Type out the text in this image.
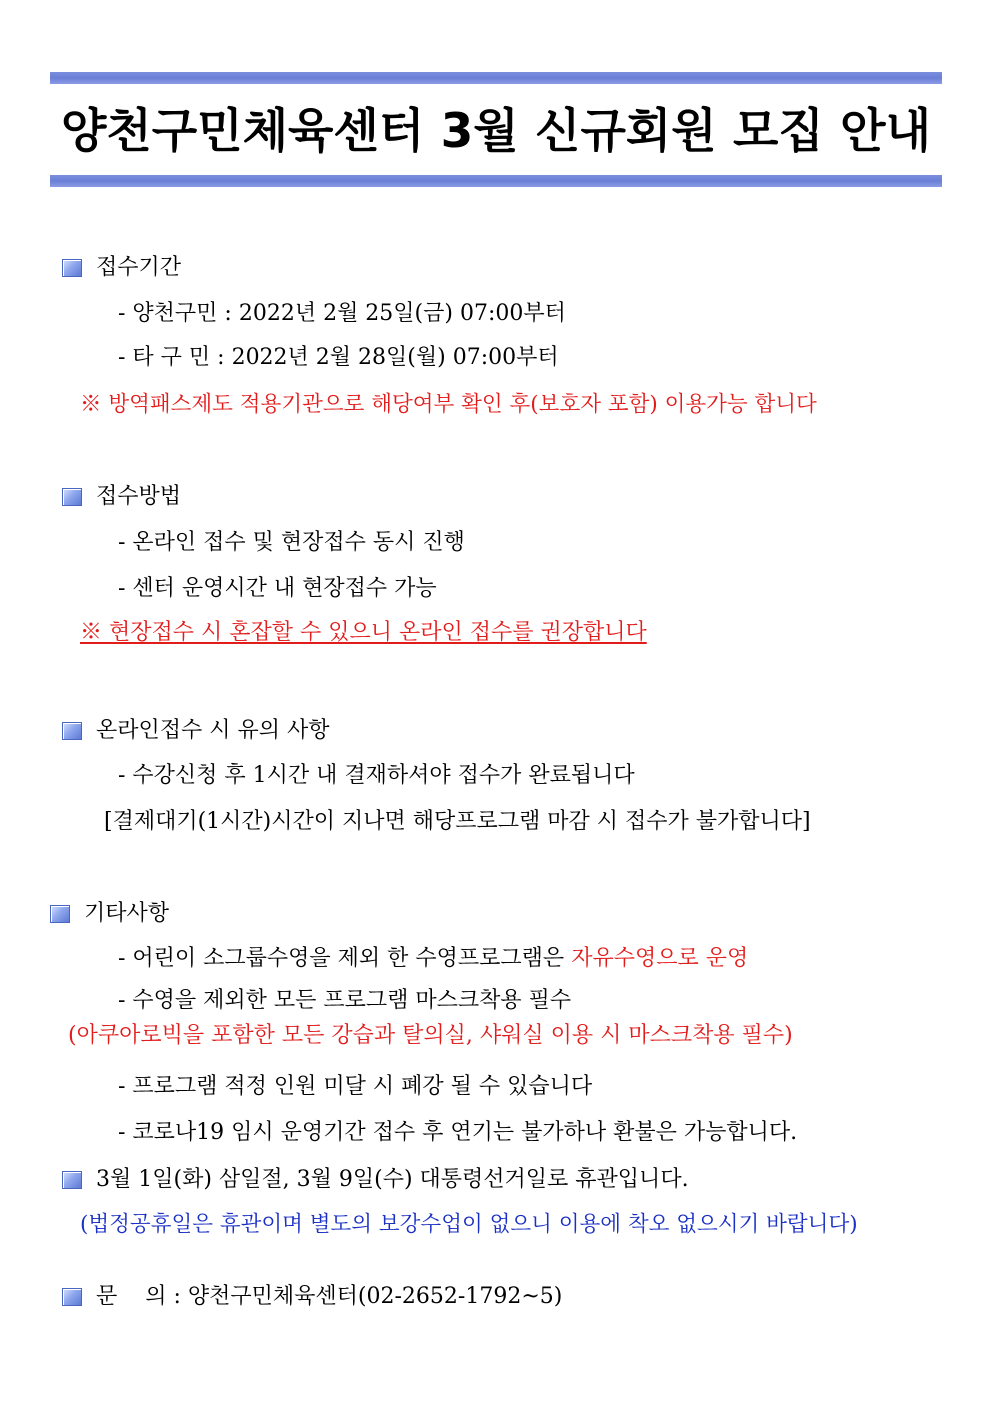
양천구민체육센터 3월 신규회원 모집 안내
접수기간
- 양천구민 : 2022년 2월 25일(금) 07:00부터
- 타 구 민 : 2022년 2월 28일(월) 07:00부터
※ 방역패스제도 적용기관으로 해당여부 확인 후(보호자 포함) 이용가능 합니다
접수방법
- 온라인 접수 및 현장접수 동시 진행
- 센터 운영시간 내 현장접수 가능
※ 현장접수 시 혼잡할 수 있으니 온라인 접수를 권장합니다
온라인접수 시 유의 사항
- 수강신청 후 1시간 내 결재하셔야 접수가 완료됩니다
[결제대기(1시간)시간이 지나면 해당프로그램 마감 시 접수가 불가합니다]
기타사항
- 어린이 소그룹수영을 제외 한 수영프로그램은 자유수영으로 운영
- 수영을 제외한 모든 프로그램 마스크착용 필수
(아쿠아로빅을 포함한 모든 강습과 탈의실, 샤워실 이용 시 마스크착용 필수)
- 프로그램 적정 인원 미달 시 폐강 될 수 있습니다
- 코로나19 임시 운영기간 접수 후 연기는 불가하나 환불은 가능합니다.
3월 1일(화) 삼일절, 3월 9일(수) 대통령선거일로 휴관입니다.
(법정공휴일은 휴관이며 별도의 보강수업이 없으니 이용에 착오 없으시기 바랍니다)
문    의 : 양천구민체육센터(02-2652-1792~5)
